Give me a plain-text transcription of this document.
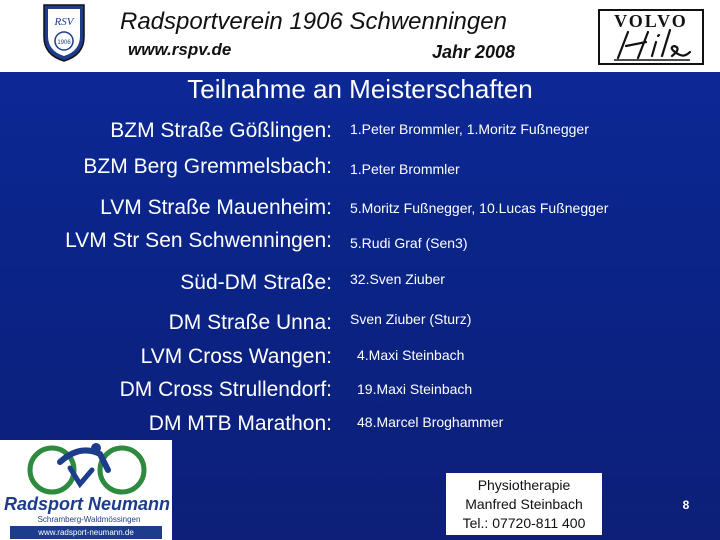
RSV
1906
Radsportverein 1906 Schwenningen
www.rspv.de	Jahr 2008
VOLVO
Teilnahme an Meisterschaften
BZM Straße Gößlingen: 1.Peter Brommler, 1.Moritz Fußnegger
BZM Berg Gremmelsbach: 1.Peter Brommler
LVM Straße Mauenheim: 5.Moritz Fußnegger, 10.Lucas Fußnegger
LVM Str Sen Schwenningen: 5.Rudi Graf (Sen3)
Süd-DM Straße: 32.Sven Ziuber
DM Straße Unna: Sven Ziuber (Sturz)
LVM Cross Wangen: 4.Maxi Steinbach
DM Cross Strullendorf: 19.Maxi Steinbach
DM MTB Marathon: 48.Marcel Broghammer
Radsport Neumann
Schramberg-Waldmössingen
www.radsport-neumann.de
Physiotherapie
Manfred Steinbach
Tel.: 07720-811 400
8
